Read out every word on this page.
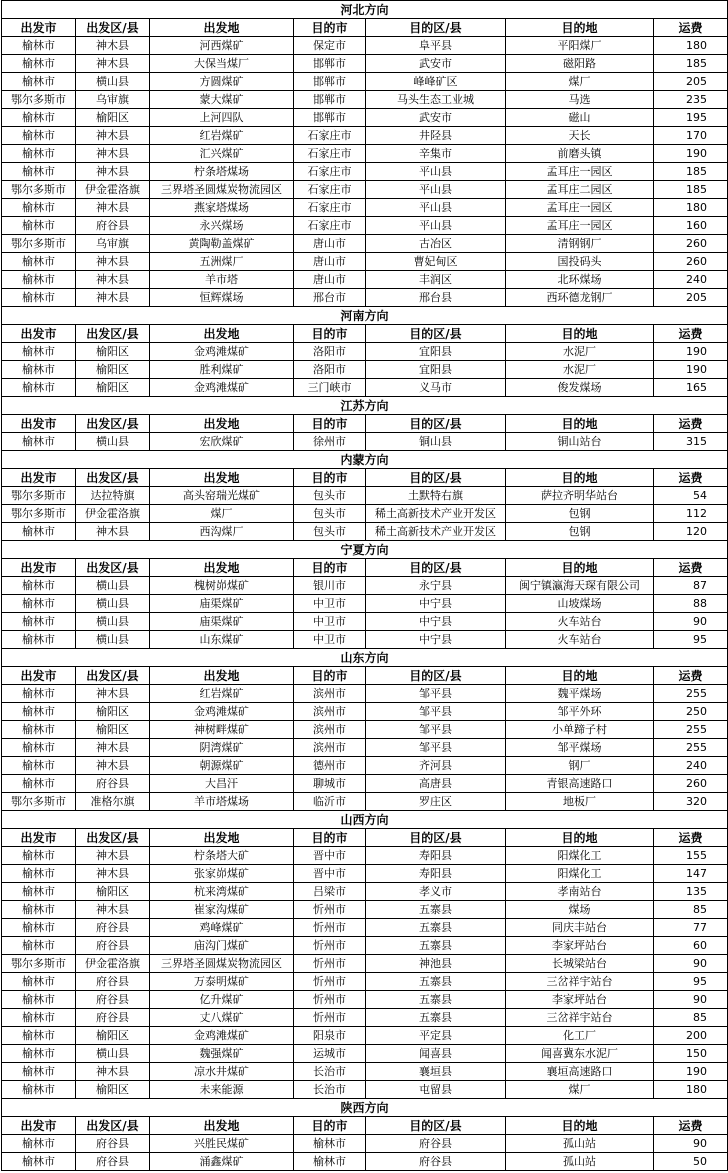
河北方向						
出发市	出发区/县	出发地	目的市	目的区/县	目的地	运费
榆林市	神木县	河西煤矿	保定市	阜平县	平阳煤厂	180
榆林市	神木县	大保当煤厂	邯郸市	武安市	磁阳路	185
榆林市	横山县	方圆煤矿	邯郸市	峰峰矿区	煤厂	205
鄂尔多斯市	乌审旗	蒙大煤矿	邯郸市	马头生态工业城	马选	235
榆林市	榆阳区	上河四队	邯郸市	武安市	磁山	195
榆林市	神木县	红岩煤矿	石家庄市	井陉县	天长	170
榆林市	神木县	汇兴煤矿	石家庄市	辛集市	前磨头镇	190
榆林市	神木县	柠条塔煤场	石家庄市	平山县	孟耳庄一园区	185
鄂尔多斯市	伊金霍洛旗	三界塔圣圆煤炭物流园区	石家庄市	平山县	孟耳庄二园区	185
榆林市	神木县	燕家塔煤场	石家庄市	平山县	孟耳庄一园区	180
榆林市	府谷县	永兴煤场	石家庄市	平山县	孟耳庄一园区	160
鄂尔多斯市	乌审旗	黄陶勒盖煤矿	唐山市	古冶区	清钢钢厂	260
榆林市	神木县	五洲煤厂	唐山市	曹妃甸区	国投码头	260
榆林市	神木县	羊市塔	唐山市	丰润区	北环煤场	240
榆林市	神木县	恒辉煤场	邢台市	邢台县	西环德龙钢厂	205
河南方向						
出发市	出发区/县	出发地	目的市	目的区/县	目的地	运费
榆林市	榆阳区	金鸡滩煤矿	洛阳市	宜阳县	水泥厂	190
榆林市	榆阳区	胜利煤矿	洛阳市	宜阳县	水泥厂	190
榆林市	榆阳区	金鸡滩煤矿	三门峡市	义马市	俊发煤场	165
江苏方向						
出发市	出发区/县	出发地	目的市	目的区/县	目的地	运费
榆林市	横山县	宏欣煤矿	徐州市	铜山县	铜山站台	315
内蒙方向						
出发市	出发区/县	出发地	目的市	目的区/县	目的地	运费
鄂尔多斯市	达拉特旗	高头窑瑞光煤矿	包头市	土默特右旗	萨拉齐明华站台	54
鄂尔多斯市	伊金霍洛旗	煤厂	包头市	稀土高新技术产业开发区	包钢	112
榆林市	神木县	西沟煤厂	包头市	稀土高新技术产业开发区	包钢	120
宁夏方向						
出发市	出发区/县	出发地	目的市	目的区/县	目的地	运费
榆林市	横山县	槐树峁煤矿	银川市	永宁县	闽宁镇瀛海天琛有限公司	87
榆林市	横山县	庙渠煤矿	中卫市	中宁县	山坡煤场	88
榆林市	横山县	庙渠煤矿	中卫市	中宁县	火车站台	90
榆林市	横山县	山东煤矿	中卫市	中宁县	火车站台	95
山东方向						
出发市	出发区/县	出发地	目的市	目的区/县	目的地	运费
榆林市	神木县	红岩煤矿	滨州市	邹平县	魏平煤场	255
榆林市	榆阳区	金鸡滩煤矿	滨州市	邹平县	邹平外环	250
榆林市	榆阳区	神树畔煤矿	滨州市	邹平县	小单蹄子村	255
榆林市	神木县	阴湾煤矿	滨州市	邹平县	邹平煤场	255
榆林市	神木县	朝源煤矿	德州市	齐河县	钢厂	240
榆林市	府谷县	大昌汗	聊城市	高唐县	青银高速路口	260
鄂尔多斯市	准格尔旗	羊市塔煤场	临沂市	罗庄区	地板厂	320
山西方向						
出发市	出发区/县	出发地	目的市	目的区/县	目的地	运费
榆林市	神木县	柠条塔大矿	晋中市	寿阳县	阳煤化工	155
榆林市	神木县	张家峁煤矿	晋中市	寿阳县	阳煤化工	147
榆林市	榆阳区	杭来湾煤矿	吕梁市	孝义市	孝南站台	135
榆林市	神木县	崔家沟煤矿	忻州市	五寨县	煤场	85
榆林市	府谷县	鸡峰煤矿	忻州市	五寨县	同庆丰站台	77
榆林市	府谷县	庙沟门煤矿	忻州市	五寨县	李家坪站台	60
鄂尔多斯市	伊金霍洛旗	三界塔圣圆煤炭物流园区	忻州市	神池县	长城梁站台	90
榆林市	府谷县	万泰明煤矿	忻州市	五寨县	三岔祥宇站台	95
榆林市	府谷县	亿升煤矿	忻州市	五寨县	李家坪站台	90
榆林市	府谷县	丈八煤矿	忻州市	五寨县	三岔祥宇站台	85
榆林市	榆阳区	金鸡滩煤矿	阳泉市	平定县	化工厂	200
榆林市	横山县	魏强煤矿	运城市	闻喜县	闻喜冀东水泥厂	150
榆林市	神木县	凉水井煤矿	长治市	襄垣县	襄垣高速路口	190
榆林市	榆阳区	未来能源	长治市	屯留县	煤厂	180
陕西方向						
出发市	出发区/县	出发地	目的市	目的区/县	目的地	运费
榆林市	府谷县	兴胜民煤矿	榆林市	府谷县	孤山站	90
榆林市	府谷县	涌鑫煤矿	榆林市	府谷县	孤山站	50
